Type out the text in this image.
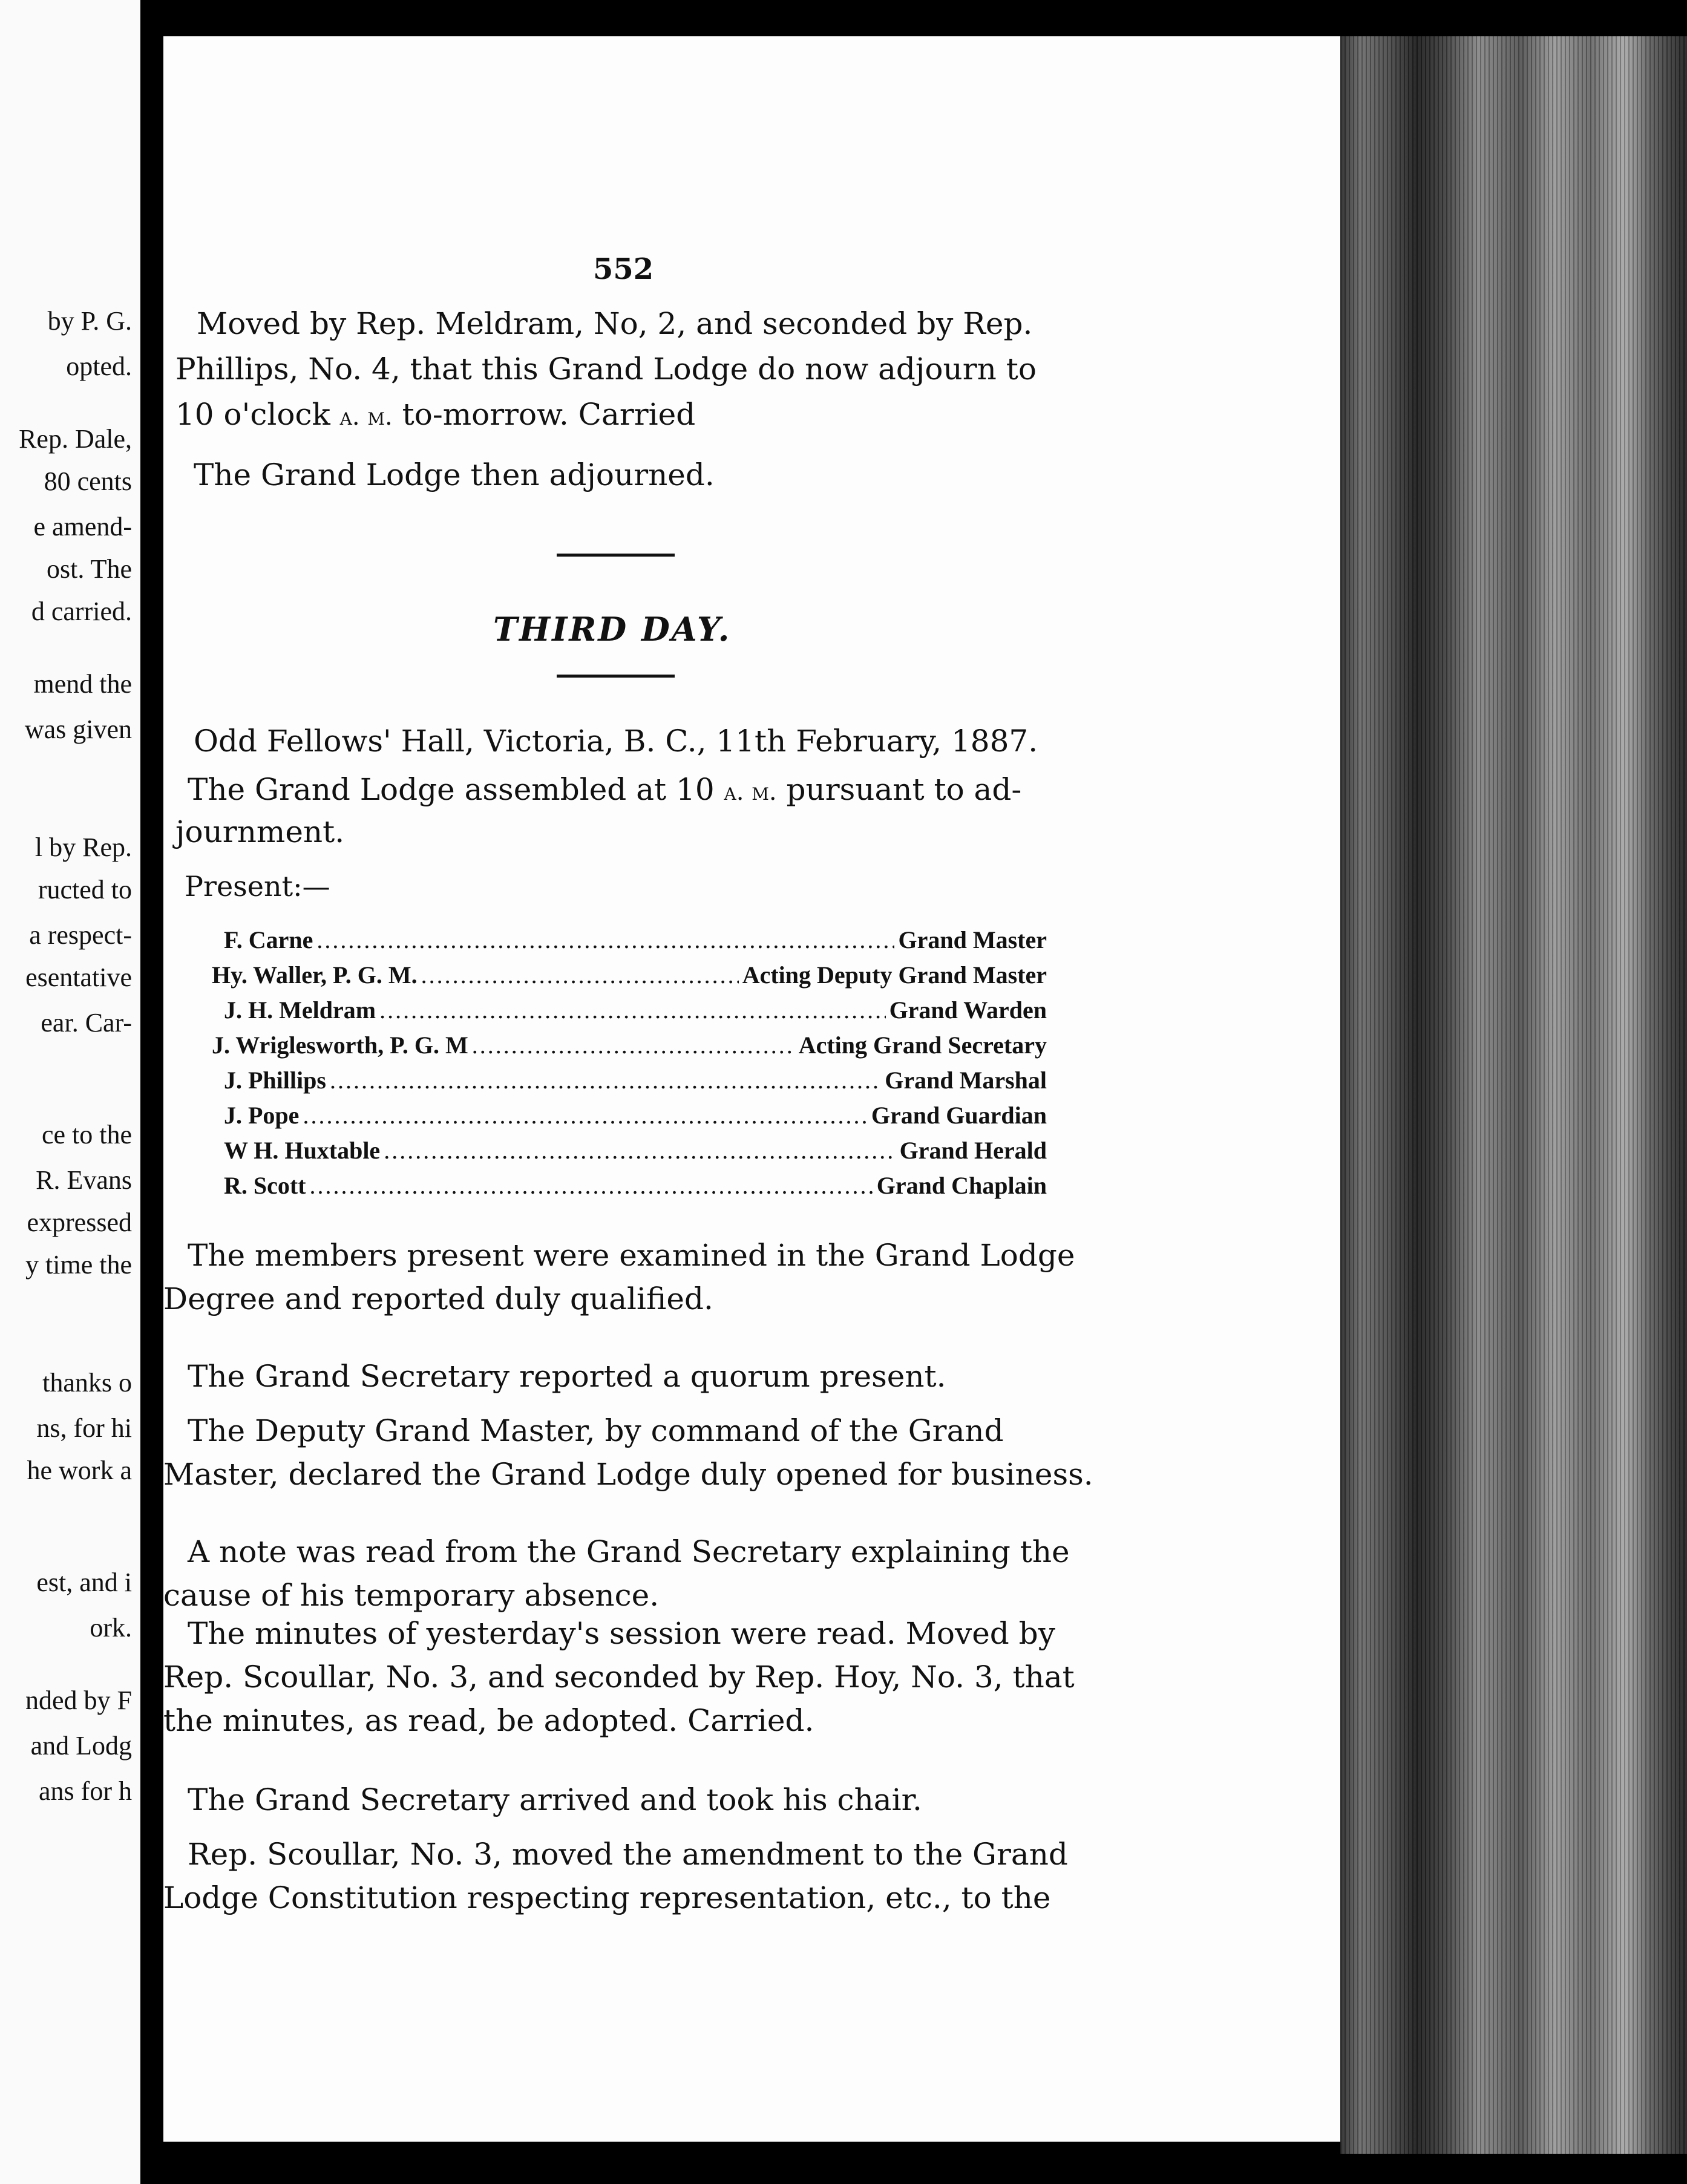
by P. G.
opted.
Rep. Dale,
80 cents
e amend-
ost. The
d carried.
mend the
was given
l by Rep.
ructed to
a respect-
esentative
ear. Car-
ce to the
R. Evans
expressed
y time the
thanks o
ns, for hi
he work a
est, and i
ork.
nded by F
and Lodg
ans for h
552
Moved by Rep. Meldram, No, 2, and seconded by Rep.
Phillips, No. 4, that this Grand Lodge do now adjourn to
10 o'clock a. m. to-morrow. Carried
The Grand Lodge then adjourned.
THIRD DAY.
Odd Fellows' Hall, Victoria, B. C., 11th February, 1887.
The Grand Lodge assembled at 10 a. m. pursuant to ad-
journment.
Present:—
F. Carne .....	Grand Master
Hy. Waller, P. G. M. .....	Acting Deputy Grand Master
J. H. Meldram .....	Grand Warden
J. Wriglesworth, P. G. M .....	Acting Grand Secretary
J. Phillips .....	Grand Marshal
J. Pope .....	Grand Guardian
W H. Huxtable .....	Grand Herald
R. Scott .....	Grand Chaplain
The members present were examined in the Grand Lodge
Degree and reported duly qualified.
The Grand Secretary reported a quorum present.
The Deputy Grand Master, by command of the Grand
Master, declared the Grand Lodge duly opened for business.
A note was read from the Grand Secretary explaining the
cause of his temporary absence.
The minutes of yesterday's session were read. Moved by
Rep. Scoullar, No. 3, and seconded by Rep. Hoy, No. 3, that
the minutes, as read, be adopted. Carried.
The Grand Secretary arrived and took his chair.
Rep. Scoullar, No. 3, moved the amendment to the Grand
Lodge Constitution respecting representation, etc., to the
